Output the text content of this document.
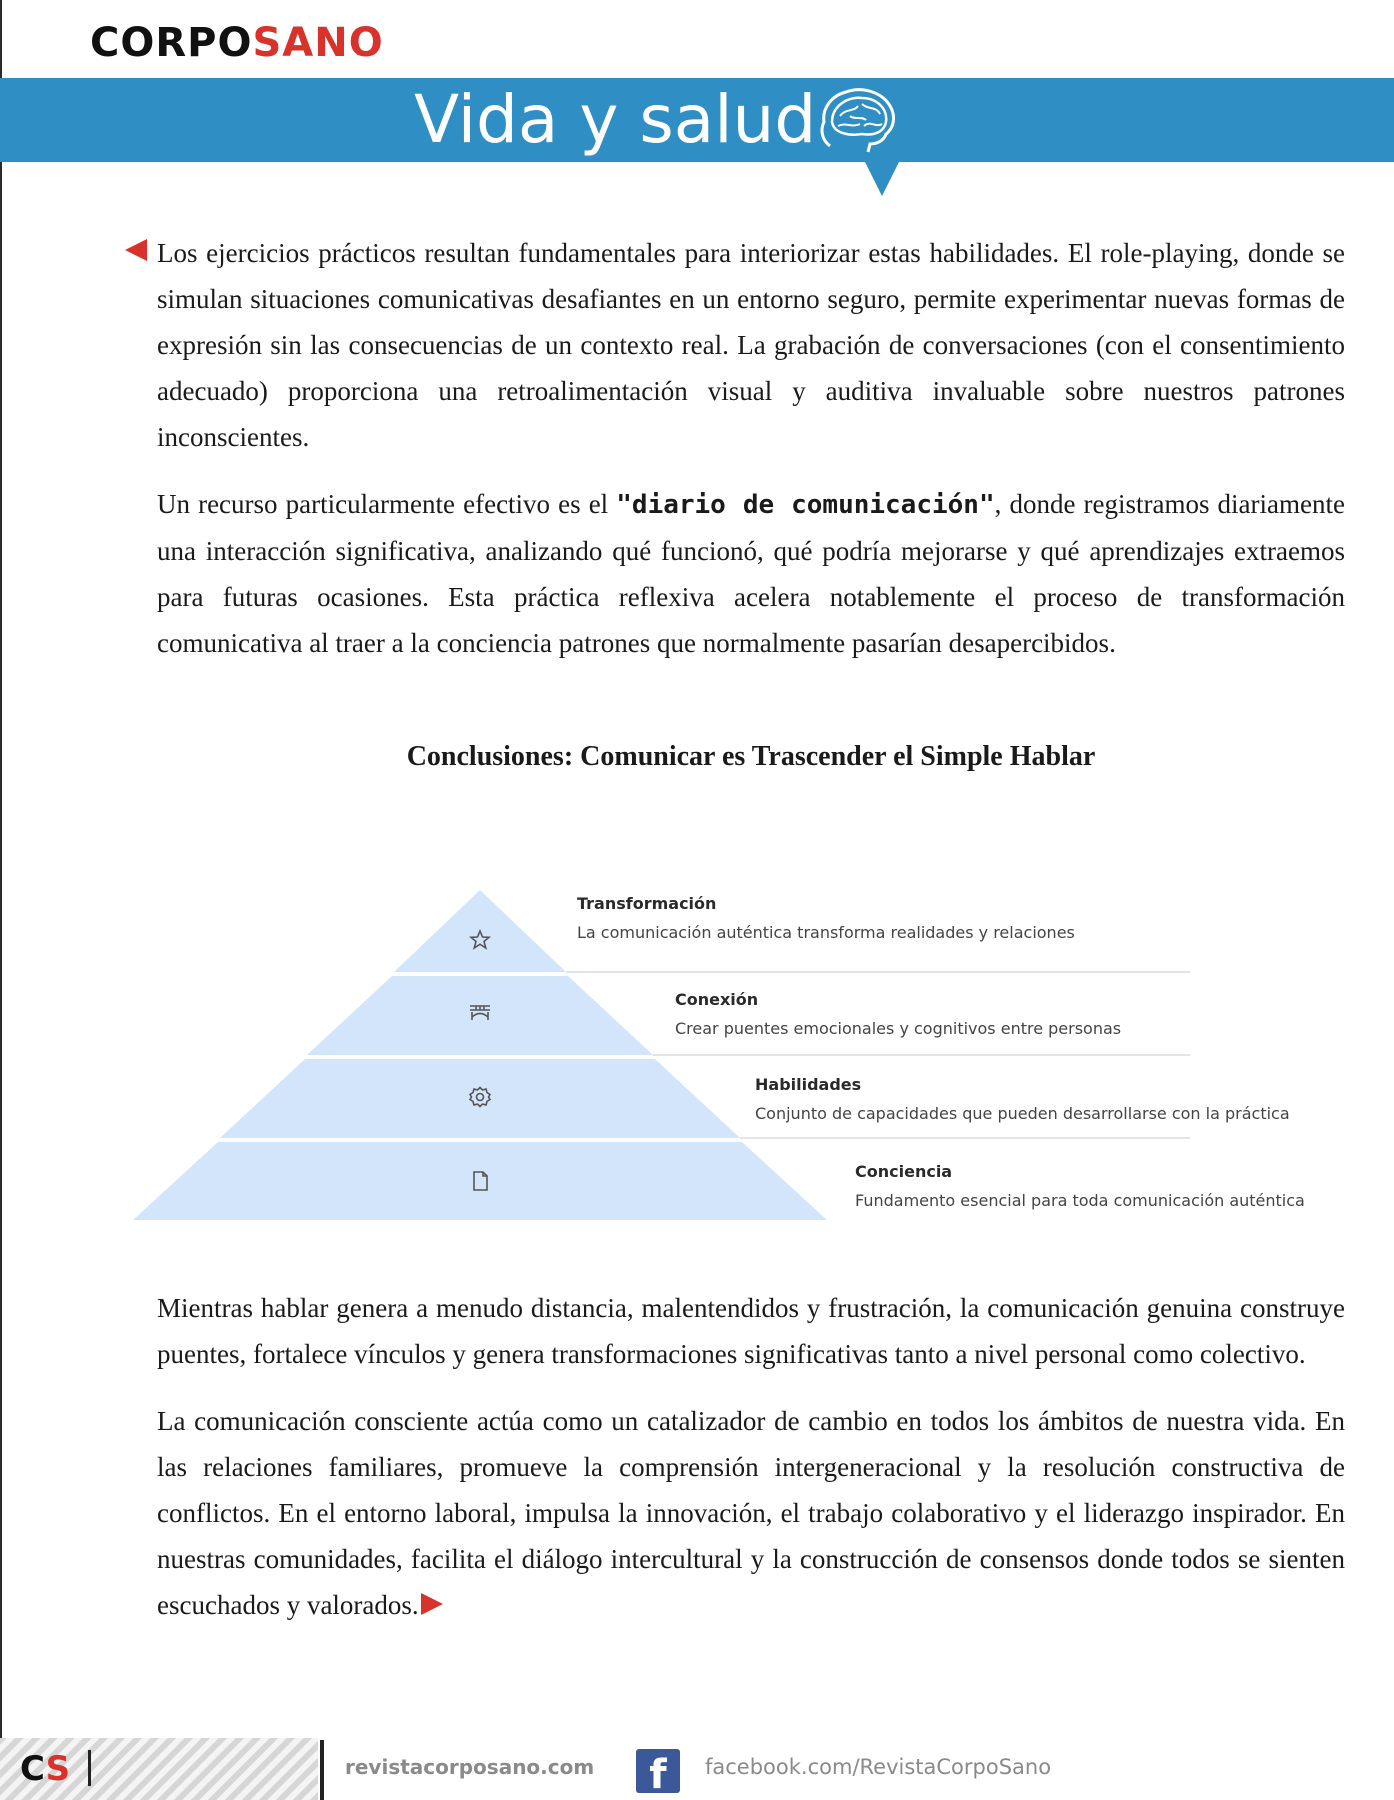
CORPOSANO
Vida y salud

Los ejercicios prácticos resultan fundamentales para interiorizar estas habilidades. El role-playing, donde se simulan situaciones comunicativas desafiantes en un entorno seguro, permite experimentar nuevas formas de expresión sin las consecuencias de un contexto real. La grabación de conversaciones (con el consentimiento adecuado) proporciona una retroalimentación visual y auditiva invaluable sobre nuestros patrones inconscientes.

Un recurso particularmente efectivo es el "diario de comunicación", donde registramos diariamente una interacción significativa, analizando qué funcionó, qué podría mejorarse y qué aprendizajes extraemos para futuras ocasiones. Esta práctica reflexiva acelera notablemente el proceso de transformación comunicativa al traer a la conciencia patrones que normalmente pasarían desapercibidos.

Conclusiones: Comunicar es Trascender el Simple Hablar
Transformación
La comunicación auténtica transforma realidades y relaciones
Conexión
Crear puentes emocionales y cognitivos entre personas
Habilidades
Conjunto de capacidades que pueden desarrollarse con la práctica
Conciencia
Fundamento esencial para toda comunicación auténtica

Mientras hablar genera a menudo distancia, malentendidos y frustración, la comunicación genuina construye puentes, fortalece vínculos y genera transformaciones significativas tanto a nivel personal como colectivo.

La comunicación consciente actúa como un catalizador de cambio en todos los ámbitos de nuestra vida. En las relaciones familiares, promueve la comprensión intergeneracional y la resolución constructiva de conflictos. En el entorno laboral, impulsa la innovación, el trabajo colaborativo y el liderazgo inspirador. En nuestras comunidades, facilita el diálogo intercultural y la construcción de consensos donde todos se sienten escuchados y valorados.

CS	revistacorposano.com	f	facebook.com/RevistaCorpoSano
